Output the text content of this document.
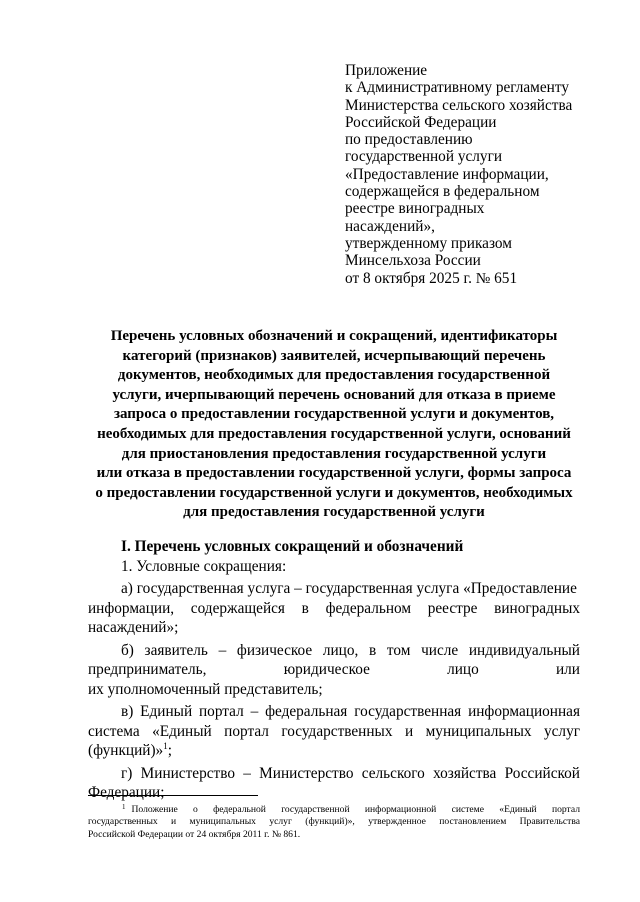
Приложение
к Административному регламенту
Министерства сельского хозяйства
Российской Федерации
по предоставлению
государственной услуги
«Предоставление информации,
содержащейся в федеральном
реестре виноградных
насаждений»,
утвержденному приказом
Минсельхоза России
от 8 октября 2025 г. № 651
Перечень условных обозначений и сокращений, идентификаторы
категорий (признаков) заявителей, исчерпывающий перечень
документов, необходимых для предоставления государственной
услуги, ичерпывающий перечень оснований для отказа в приеме
запроса о предоставлении государственной услуги и документов,
необходимых для предоставления государственной услуги, оснований
для приостановления предоставления государственной услуги
или отказа в предоставлении государственной услуги, формы запроса
о предоставлении государственной услуги и документов, необходимых
для предоставления государственной услуги
I. Перечень условных сокращений и обозначений
1. Условные сокращения:
а) государственная услуга – государственная услуга «Предоставление
информации, содержащейся в федеральном реестре виноградных
насаждений»;
б) заявитель – физическое лицо, в том числе индивидуальный
предприниматель, юридическое лицо или
их уполномоченный представитель;
в) Единый портал – федеральная государственная информационная
система «Единый портал государственных и муниципальных услуг
(функций)»$^1$;
г) Министерство – Министерство сельского хозяйства Российской
Федерации;
$^1$ Положение о федеральной государственной информационной системе «Единый портал
государственных и муниципальных услуг (функций)», утвержденное постановлением Правительства
Российской Федерации от 24 октября 2011 г. № 861.
